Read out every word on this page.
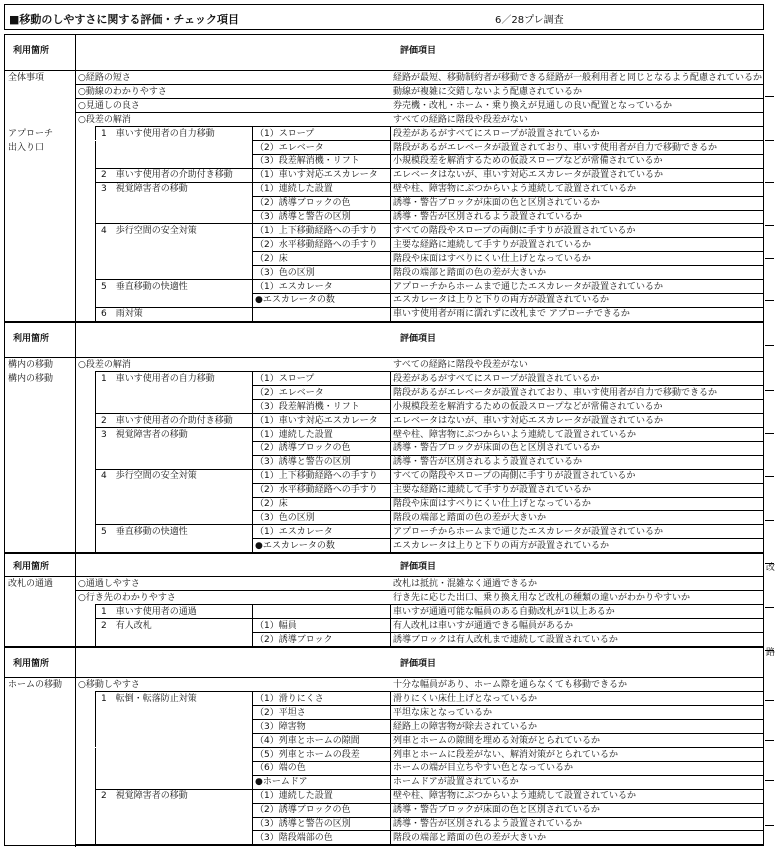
■移動のしやすさに関する評価・チェック項目	6／28プレ調査
利用箇所	評価項目
全体事項
アプローチ
出入り口
○経路の短さ	経路が最短、移動制約者が移動できる経路が一般利用者と同じとなるよう配慮されているか
○動線のわかりやすさ	動線が複雑に交錯しないよう配慮されているか
○見通しの良さ	券売機・改札・ホーム・乗り換えが見通しの良い配置となっているか
○段差の解消	すべての経路に階段や段差がない
1　車いす使用者の自力移動	（1）スロープ	段差があるがすべてにスロープが設置されているか
（2）エレベータ	階段があるがエレベータが設置されており、車いす使用者が自力で移動できるか
（3）段差解消機・リフト	小規模段差を解消するための仮設スロープなどが常備されているか
2　車いす使用者の介助付き移動	（1）車いす対応エスカレータ	エレベータはないが、車いす対応エスカレータが設置されているか
3　視覚障害者の移動	（1）連続した設置	壁や柱、障害物にぶつからいよう連続して設置されているか
（2）誘導ブロックの色	誘導・警告ブロックが床面の色と区別されているか
（3）誘導と警告の区別	誘導・警告が区別されるよう設置されているか
4　歩行空間の安全対策	（1）上下移動経路への手すり	すべての階段やスロープの両側に手すりが設置されているか
（2）水平移動経路への手すり	主要な経路に連続して手すりが設置されているか
（2）床	階段や床面はすべりにくい仕上げとなっているか
（3）色の区別	階段の端部と踏面の色の差が大きいか
5　垂直移動の快適性	（1）エスカレータ	アプローチからホームまで通じたエスカレータが設置されているか
●エスカレータの数	エスカレータは上りと下りの両方が設置されているか
6　雨対策	車いす使用者が雨に濡れずに改札まで アプローチできるか
利用箇所	評価項目
構内の移動
構内の移動
○段差の解消	すべての経路に階段や段差がない
1　車いす使用者の自力移動	（1）スロープ	段差があるがすべてにスロープが設置されているか
（2）エレベータ	階段があるがエレベータが設置されており、車いす使用者が自力で移動できるか
（3）段差解消機・リフト	小規模段差を解消するための仮設スロープなどが常備されているか
2　車いす使用者の介助付き移動	（1）車いす対応エスカレータ	エレベータはないが、車いす対応エスカレータが設置されているか
3　視覚障害者の移動	（1）連続した設置	壁や柱、障害物にぶつからいよう連続して設置されているか
（2）誘導ブロックの色	誘導・警告ブロックが床面の色と区別されているか
（3）誘導と警告の区別	誘導・警告が区別されるよう設置されているか
4　歩行空間の安全対策	（1）上下移動経路への手すり	すべての階段やスロープの両側に手すりが設置されているか
（2）水平移動経路への手すり	主要な経路に連続して手すりが設置されているか
（2）床	階段や床面はすべりにくい仕上げとなっているか
（3）色の区別	階段の端部と踏面の色の差が大きいか
5　垂直移動の快適性	（1）エスカレータ	アプローチからホームまで通じたエスカレータが設置されているか
●エスカレータの数	エスカレータは上りと下りの両方が設置されているか
利用箇所	評価項目
改札の通過	○通過しやすさ	改札は抵抗・混雑なく通過できるか
○行き先のわかりやすさ	行き先に応じた出口、乗り換え用など改札の種類の違いがわかりやすいか
1　車いす使用者の通過	車いすが通過可能な幅員のある自動改札が1以上あるか
2　有人改札	（1）幅員	有人改札は車いすが通過できる幅員があるか
（2）誘導ブロック	誘導ブロックは有人改札まで連続して設置されているか
利用箇所	評価項目
ホームの移動 ○移動しやすさ	十分な幅員があり、ホーム際を通らなくても移動できるか
1　転倒・転落防止対策	（1）滑りにくさ	滑りにくい床仕上げとなっているか
（2）平坦さ	平坦な床となっているか
（3）障害物	経路上の障害物が除去されているか
（4）列車とホームの隙間	列車とホームの隙間を埋める対策がとられているか
（5）列車とホームの段差	列車とホームに段差がない、解消対策がとられているか
（6）端の色	ホームの端が目立ちやすい色となっているか
●ホームドア	ホームドアが設置されているか
2　視覚障害者の移動	（1）連続した設置	壁や柱、障害物にぶつからいよう連続して設置されているか
（2）誘導ブロックの色	誘導・警告ブロックが床面の色と区別されているか
（3）誘導と警告の区別	誘導・警告が区別されるよう設置されているか
（3）階段端部の色	階段の端部と踏面の色の差が大きいか
改
路
